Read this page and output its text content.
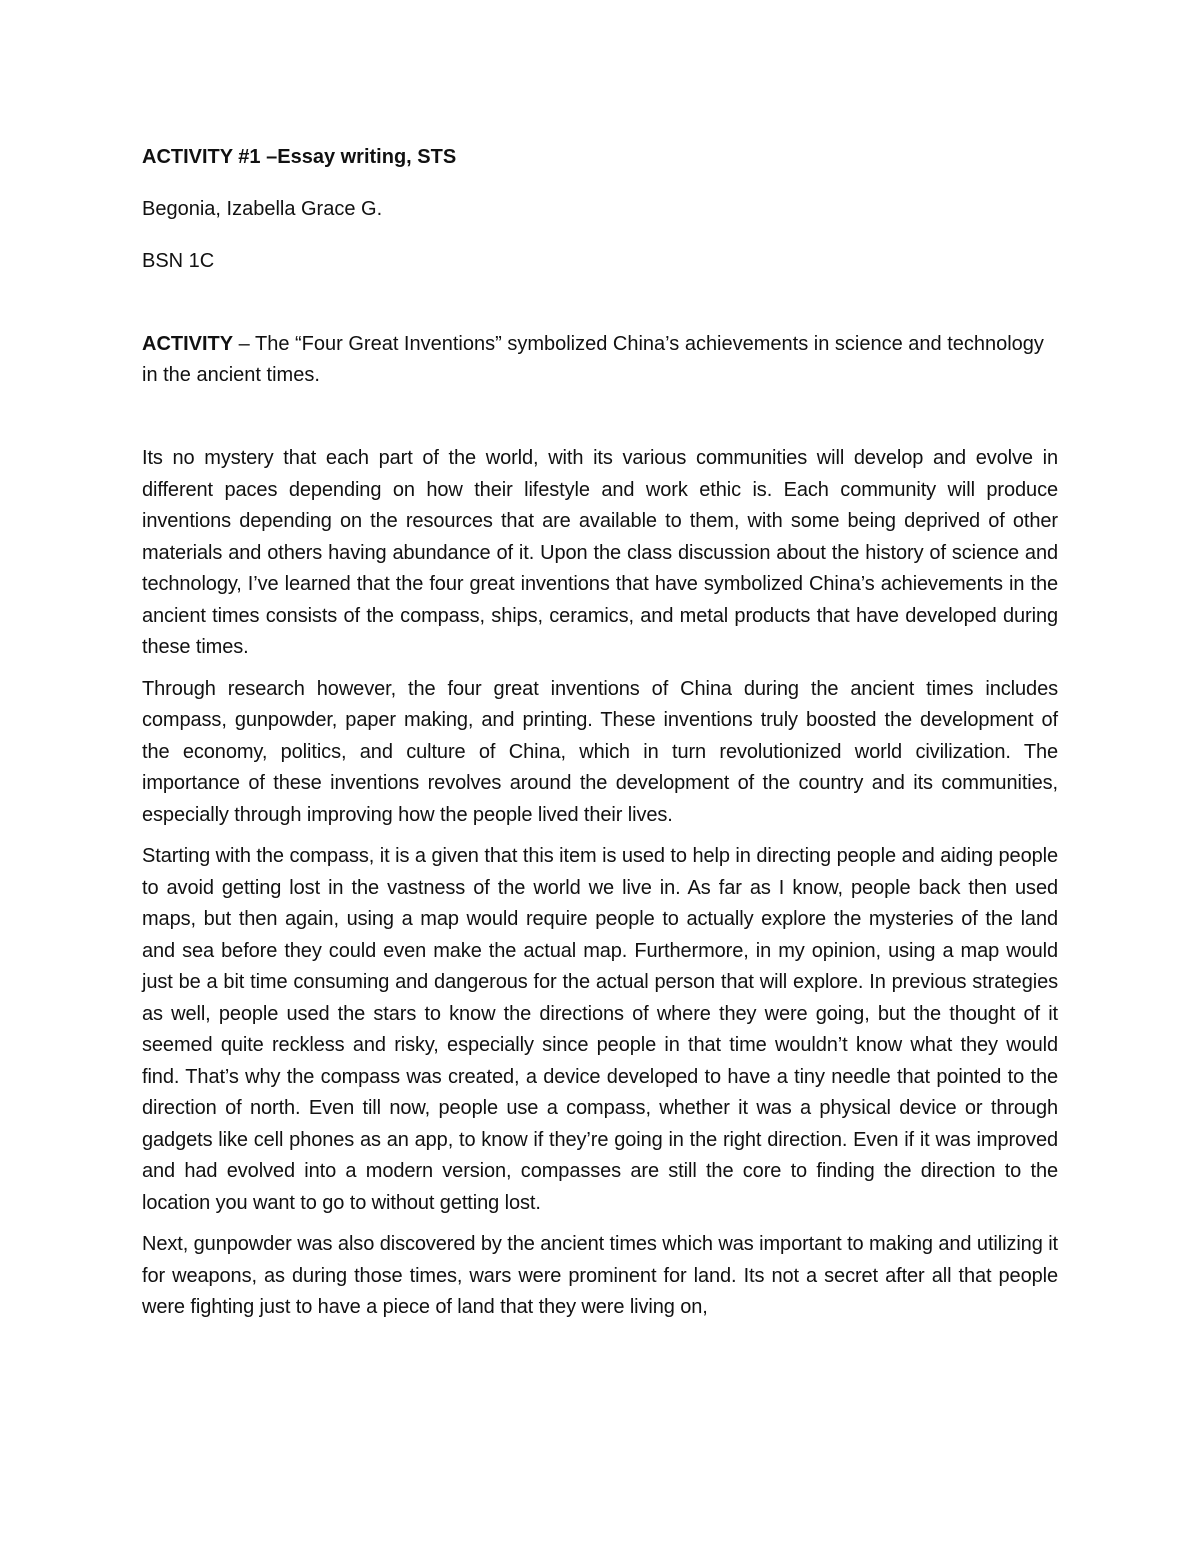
ACTIVITY #1 –Essay writing, STS
Begonia, Izabella Grace G.
BSN 1C
ACTIVITY – The “Four Great Inventions” symbolized China’s achievements in science and technology in the ancient times.

Its no mystery that each part of the world, with its various communities will develop and evolve in different paces depending on how their lifestyle and work ethic is. Each community will produce inventions depending on the resources that are available to them, with some being deprived of other materials and others having abundance of it. Upon the class discussion about the history of science and technology, I’ve learned that the four great inventions that have symbolized China’s achievements in the ancient times consists of the compass, ships, ceramics, and metal products that have developed during these times.

Through research however, the four great inventions of China during the ancient times includes compass, gunpowder, paper making, and printing. These inventions truly boosted the development of the economy, politics, and culture of China, which in turn revolutionized world civilization. The importance of these inventions revolves around the development of the country and its communities, especially through improving how the people lived their lives.

Starting with the compass, it is a given that this item is used to help in directing people and aiding people to avoid getting lost in the vastness of the world we live in. As far as I know, people back then used maps, but then again, using a map would require people to actually explore the mysteries of the land and sea before they could even make the actual map. Furthermore, in my opinion, using a map would just be a bit time consuming and dangerous for the actual person that will explore. In previous strategies as well, people used the stars to know the directions of where they were going, but the thought of it seemed quite reckless and risky, especially since people in that time wouldn’t know what they would find. That’s why the compass was created, a device developed to have a tiny needle that pointed to the direction of north. Even till now, people use a compass, whether it was a physical device or through gadgets like cell phones as an app, to know if they’re going in the right direction. Even if it was improved and had evolved into a modern version, compasses are still the core to finding the direction to the location you want to go to without getting lost.

Next, gunpowder was also discovered by the ancient times which was important to making and utilizing it for weapons, as during those times, wars were prominent for land. Its not a secret after all that people were fighting just to have a piece of land that they were living on,
